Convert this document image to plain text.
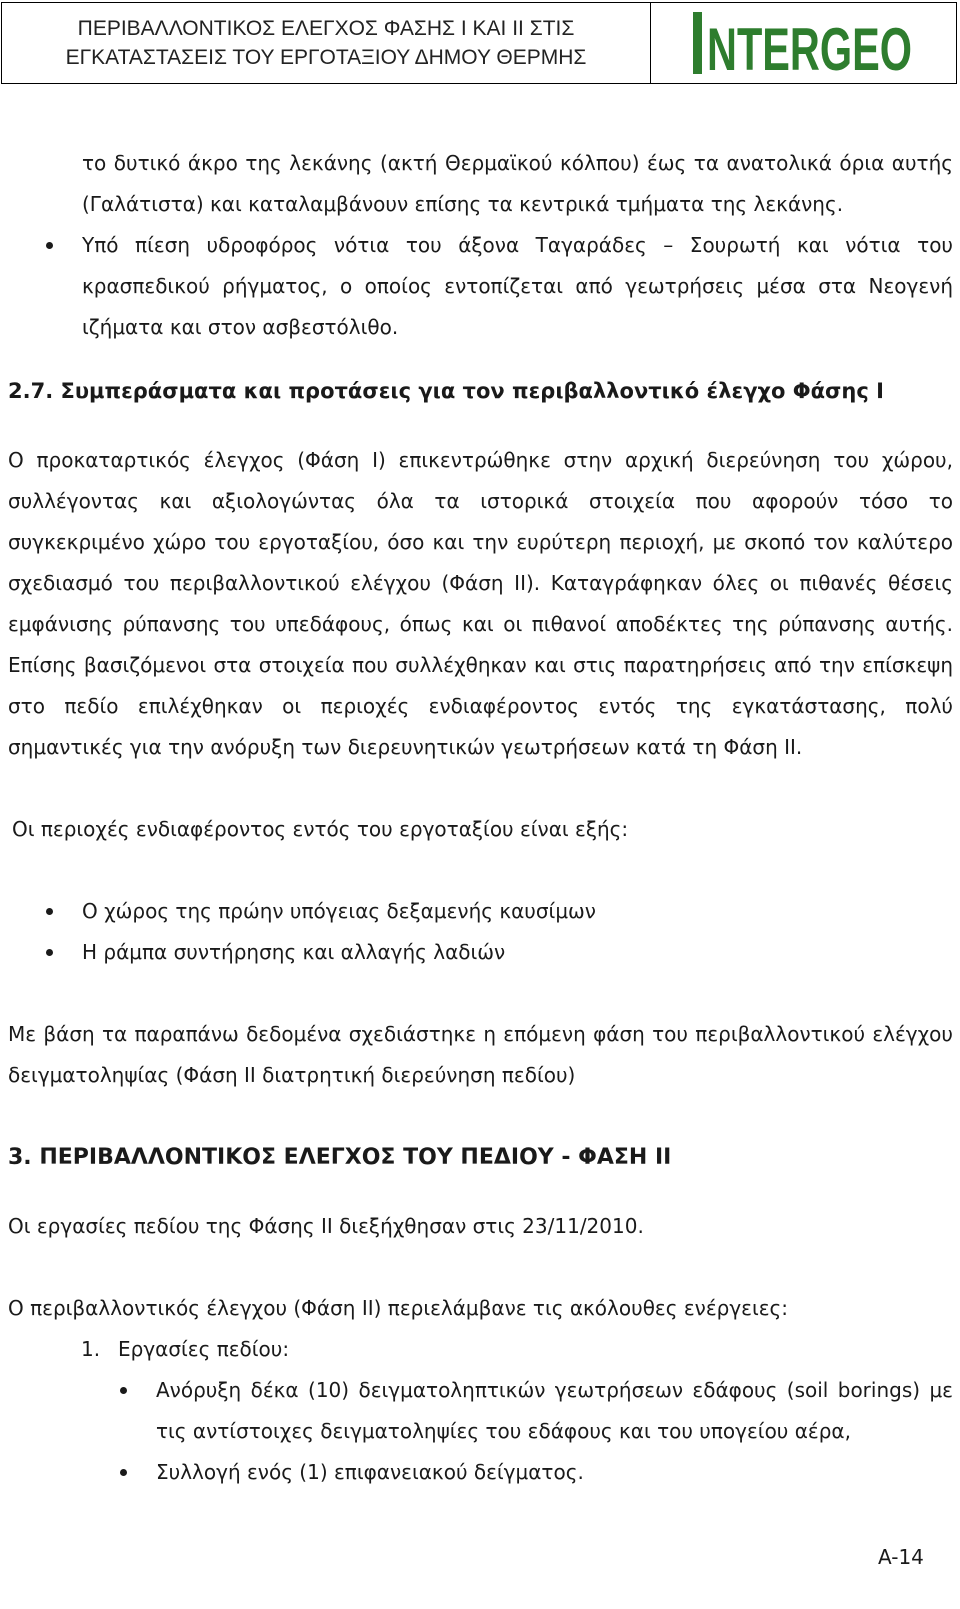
ΠΕΡΙΒΑΛΛΟΝΤΙΚΟΣ ΕΛΕΓΧΟΣ ΦΑΣΗΣ Ι ΚΑΙ ΙΙ ΣΤΙΣ
ΕΓΚΑΤΑΣΤΑΣΕΙΣ ΤΟΥ ΕΡΓΟΤΑΞΙΟΥ ΔΗΜΟΥ ΘΕΡΜΗΣ NTERGEO

το δυτικό άκρο της λεκάνης (ακτή Θερμαϊκού κόλπου) έως τα ανατολικά όρια αυτής (Γαλάτιστα) και καταλαμβάνουν επίσης τα κεντρικά τμήματα της λεκάνης.

Υπό πίεση υδροφόρος νότια του άξονα Ταγαράδες – Σουρωτή και νότια του κρασπεδικού ρήγματος, ο οποίος εντοπίζεται από γεωτρήσεις μέσα στα Νεογενή ιζήματα και στον ασβεστόλιθο.

2.7. Συμπεράσματα και προτάσεις για τον περιβαλλοντικό έλεγχο Φάσης Ι

Ο προκαταρτικός έλεγχος (Φάση Ι) επικεντρώθηκε στην αρχική διερεύνηση του χώρου, συλλέγοντας και αξιολογώντας όλα τα ιστορικά στοιχεία που αφορούν τόσο το συγκεκριμένο χώρο του εργοταξίου, όσο και την ευρύτερη περιοχή, με σκοπό τον καλύτερο σχεδιασμό του περιβαλλοντικού ελέγχου (Φάση ΙΙ). Καταγράφηκαν όλες οι πιθανές θέσεις εμφάνισης ρύπανσης του υπεδάφους, όπως και οι πιθανοί αποδέκτες της ρύπανσης αυτής. Επίσης βασιζόμενοι στα στοιχεία που συλλέχθηκαν και στις παρατηρήσεις από την επίσκεψη στο πεδίο επιλέχθηκαν οι περιοχές ενδιαφέροντος εντός της εγκατάστασης, πολύ σημαντικές για την ανόρυξη των διερευνητικών γεωτρήσεων κατά τη Φάση ΙΙ.

Οι περιοχές ενδιαφέροντος εντός του εργοταξίου είναι εξής:

Ο χώρος της πρώην υπόγειας δεξαμενής καυσίμων
Η ράμπα συντήρησης και αλλαγής λαδιών

Με βάση τα παραπάνω δεδομένα σχεδιάστηκε η επόμενη φάση του περιβαλλοντικού ελέγχου δειγματοληψίας (Φάση ΙΙ διατρητική διερεύνηση πεδίου)

3. ΠΕΡΙΒΑΛΛΟΝΤΙΚΟΣ ΕΛΕΓΧΟΣ ΤΟΥ ΠΕΔΙΟΥ - ΦΑΣΗ ΙΙ

Οι εργασίες πεδίου της Φάσης ΙΙ διεξήχθησαν στις 23/11/2010.

Ο περιβαλλοντικός έλεγχου (Φάση ΙΙ) περιελάμβανε τις ακόλουθες ενέργειες:

1. Εργασίες πεδίου:
Ανόρυξη δέκα (10) δειγματοληπτικών γεωτρήσεων εδάφους (soil borings) με τις αντίστοιχες δειγματοληψίες του εδάφους και του υπογείου αέρα,
Συλλογή ενός (1) επιφανειακού δείγματος.
A-14
